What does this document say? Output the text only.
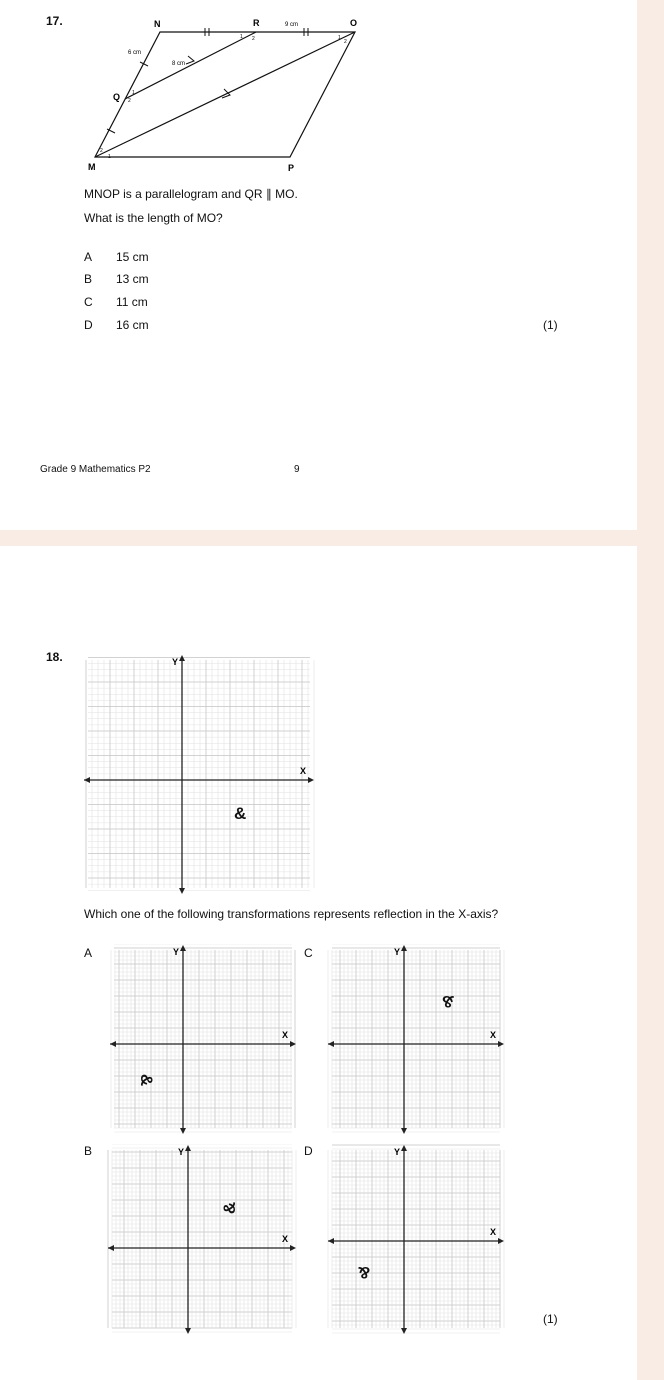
17.	N	R	O
Q
M	P
6 cm
8 cm
9 cm
1
2
1 2	1
2
1
2
MNOP is a parallelogram and QR ∥ MO.
What is the length of MO?
A 15 cm
B 13 cm
C 11 cm
D 16 cm	(1)
Grade 9 Mathematics P2	9
18.
X
Y
&
Which one of the following transformations represents reflection in the X-axis?
A
X
Y
&
C
X
Y
&
B
X
Y
&
D
X
Y
&
(1)
